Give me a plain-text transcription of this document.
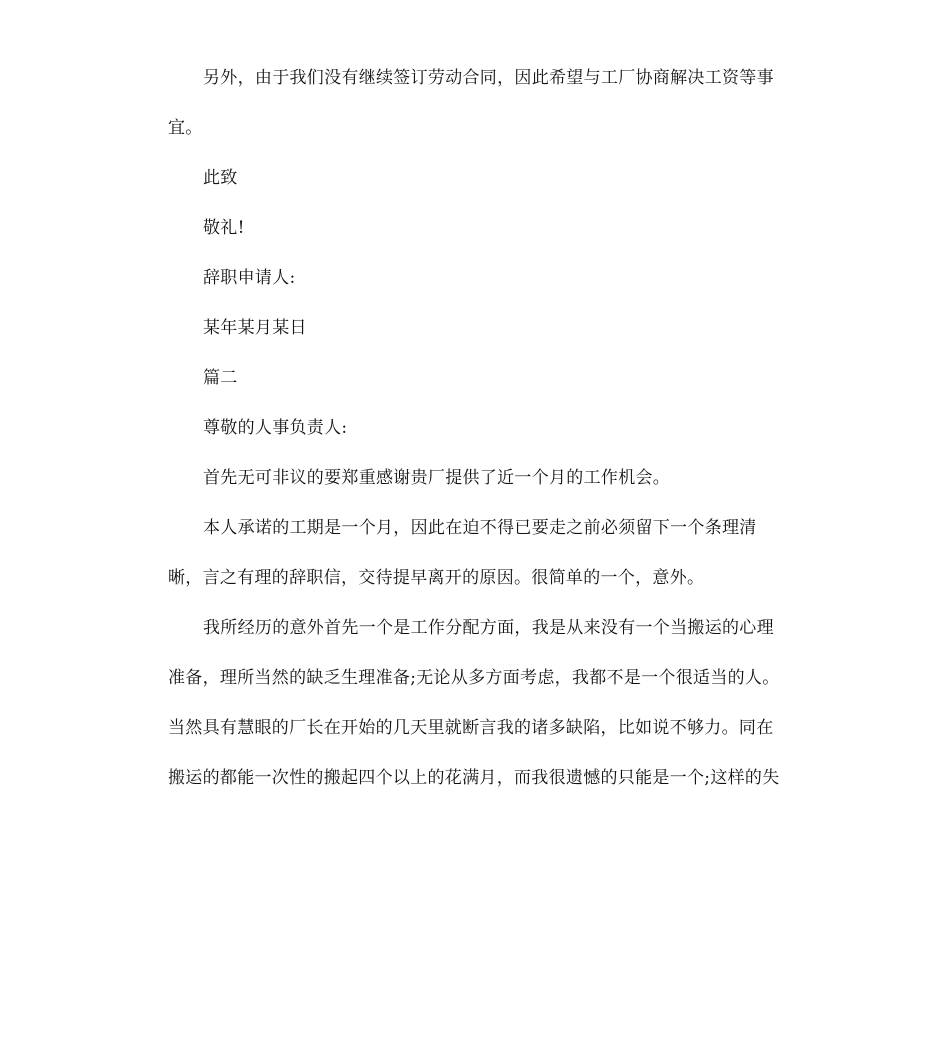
另外，由于我们没有继续签订劳动合同，因此希望与工厂协商解决工资等事
宜。
此致
敬礼!
辞职申请人:
某年某月某日
篇二
尊敬的人事负责人:
首先无可非议的要郑重感谢贵厂提供了近一个月的工作机会。
本人承诺的工期是一个月，因此在迫不得已要走之前必须留下一个条理清
晰，言之有理的辞职信，交待提早离开的原因。很简单的一个，意外。
我所经历的意外首先一个是工作分配方面，我是从来没有一个当搬运的心理
准备，理所当然的缺乏生理准备;无论从多方面考虑，我都不是一个很适当的人。
当然具有慧眼的厂长在开始的几天里就断言我的诸多缺陷，比如说不够力。同在
搬运的都能一次性的搬起四个以上的花满月，而我很遗憾的只能是一个;这样的失
